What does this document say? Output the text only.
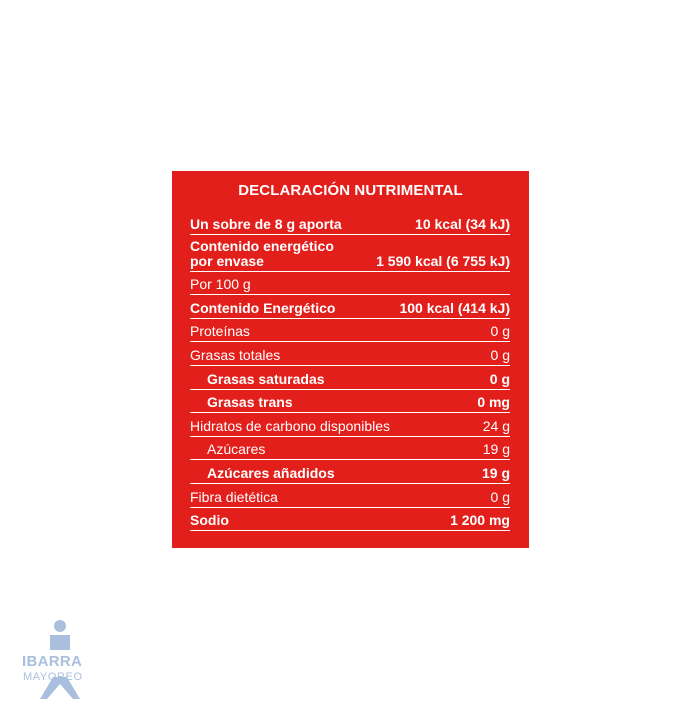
DECLARACIÓN NUTRIMENTAL
Un sobre de 8 g aporta	10 kcal (34 kJ)
Contenido energético
por envase	1 590 kcal (6 755 kJ)
Por 100 g
Contenido Energético	100 kcal (414 kJ)
Proteínas	0 g
Grasas totales	0 g
Grasas saturadas	0 g
Grasas trans	0 mg
Hidratos de carbono disponibles	24 g
Azúcares	19 g
Azúcares añadidos	19 g
Fibra dietética	0 g
Sodio	1 200 mg
IBARRA
MAYOREO
